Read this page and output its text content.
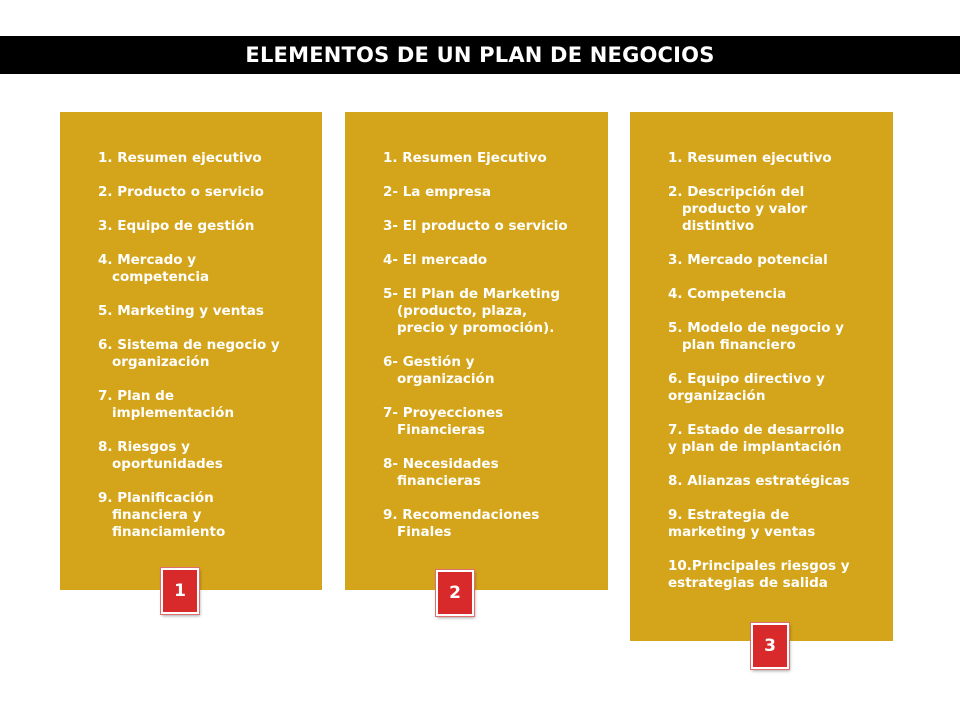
ELEMENTOS DE UN PLAN DE NEGOCIOS
1. Resumen ejecutivo
2. Producto o servicio
3. Equipo de gestión
4. Mercado y
competencia
5. Marketing y ventas
6. Sistema de negocio y
organización
7. Plan de
implementación
8. Riesgos y
oportunidades
9. Planificación
financiera y
financiamiento
1
1. Resumen Ejecutivo
2- La empresa
3- El producto o servicio
4- El mercado
5- El Plan de Marketing
(producto, plaza,
precio y promoción).
6- Gestión y
organización
7- Proyecciones
Financieras
8- Necesidades
financieras
9. Recomendaciones
Finales
2
1. Resumen ejecutivo
2. Descripción del
producto y valor
distintivo
3. Mercado potencial
4. Competencia
5. Modelo de negocio y
plan financiero
6. Equipo directivo y
organización
7. Estado de desarrollo
y plan de implantación
8. Alianzas estratégicas
9. Estrategia de
marketing y ventas
10.Principales riesgos y
estrategias de salida
3
